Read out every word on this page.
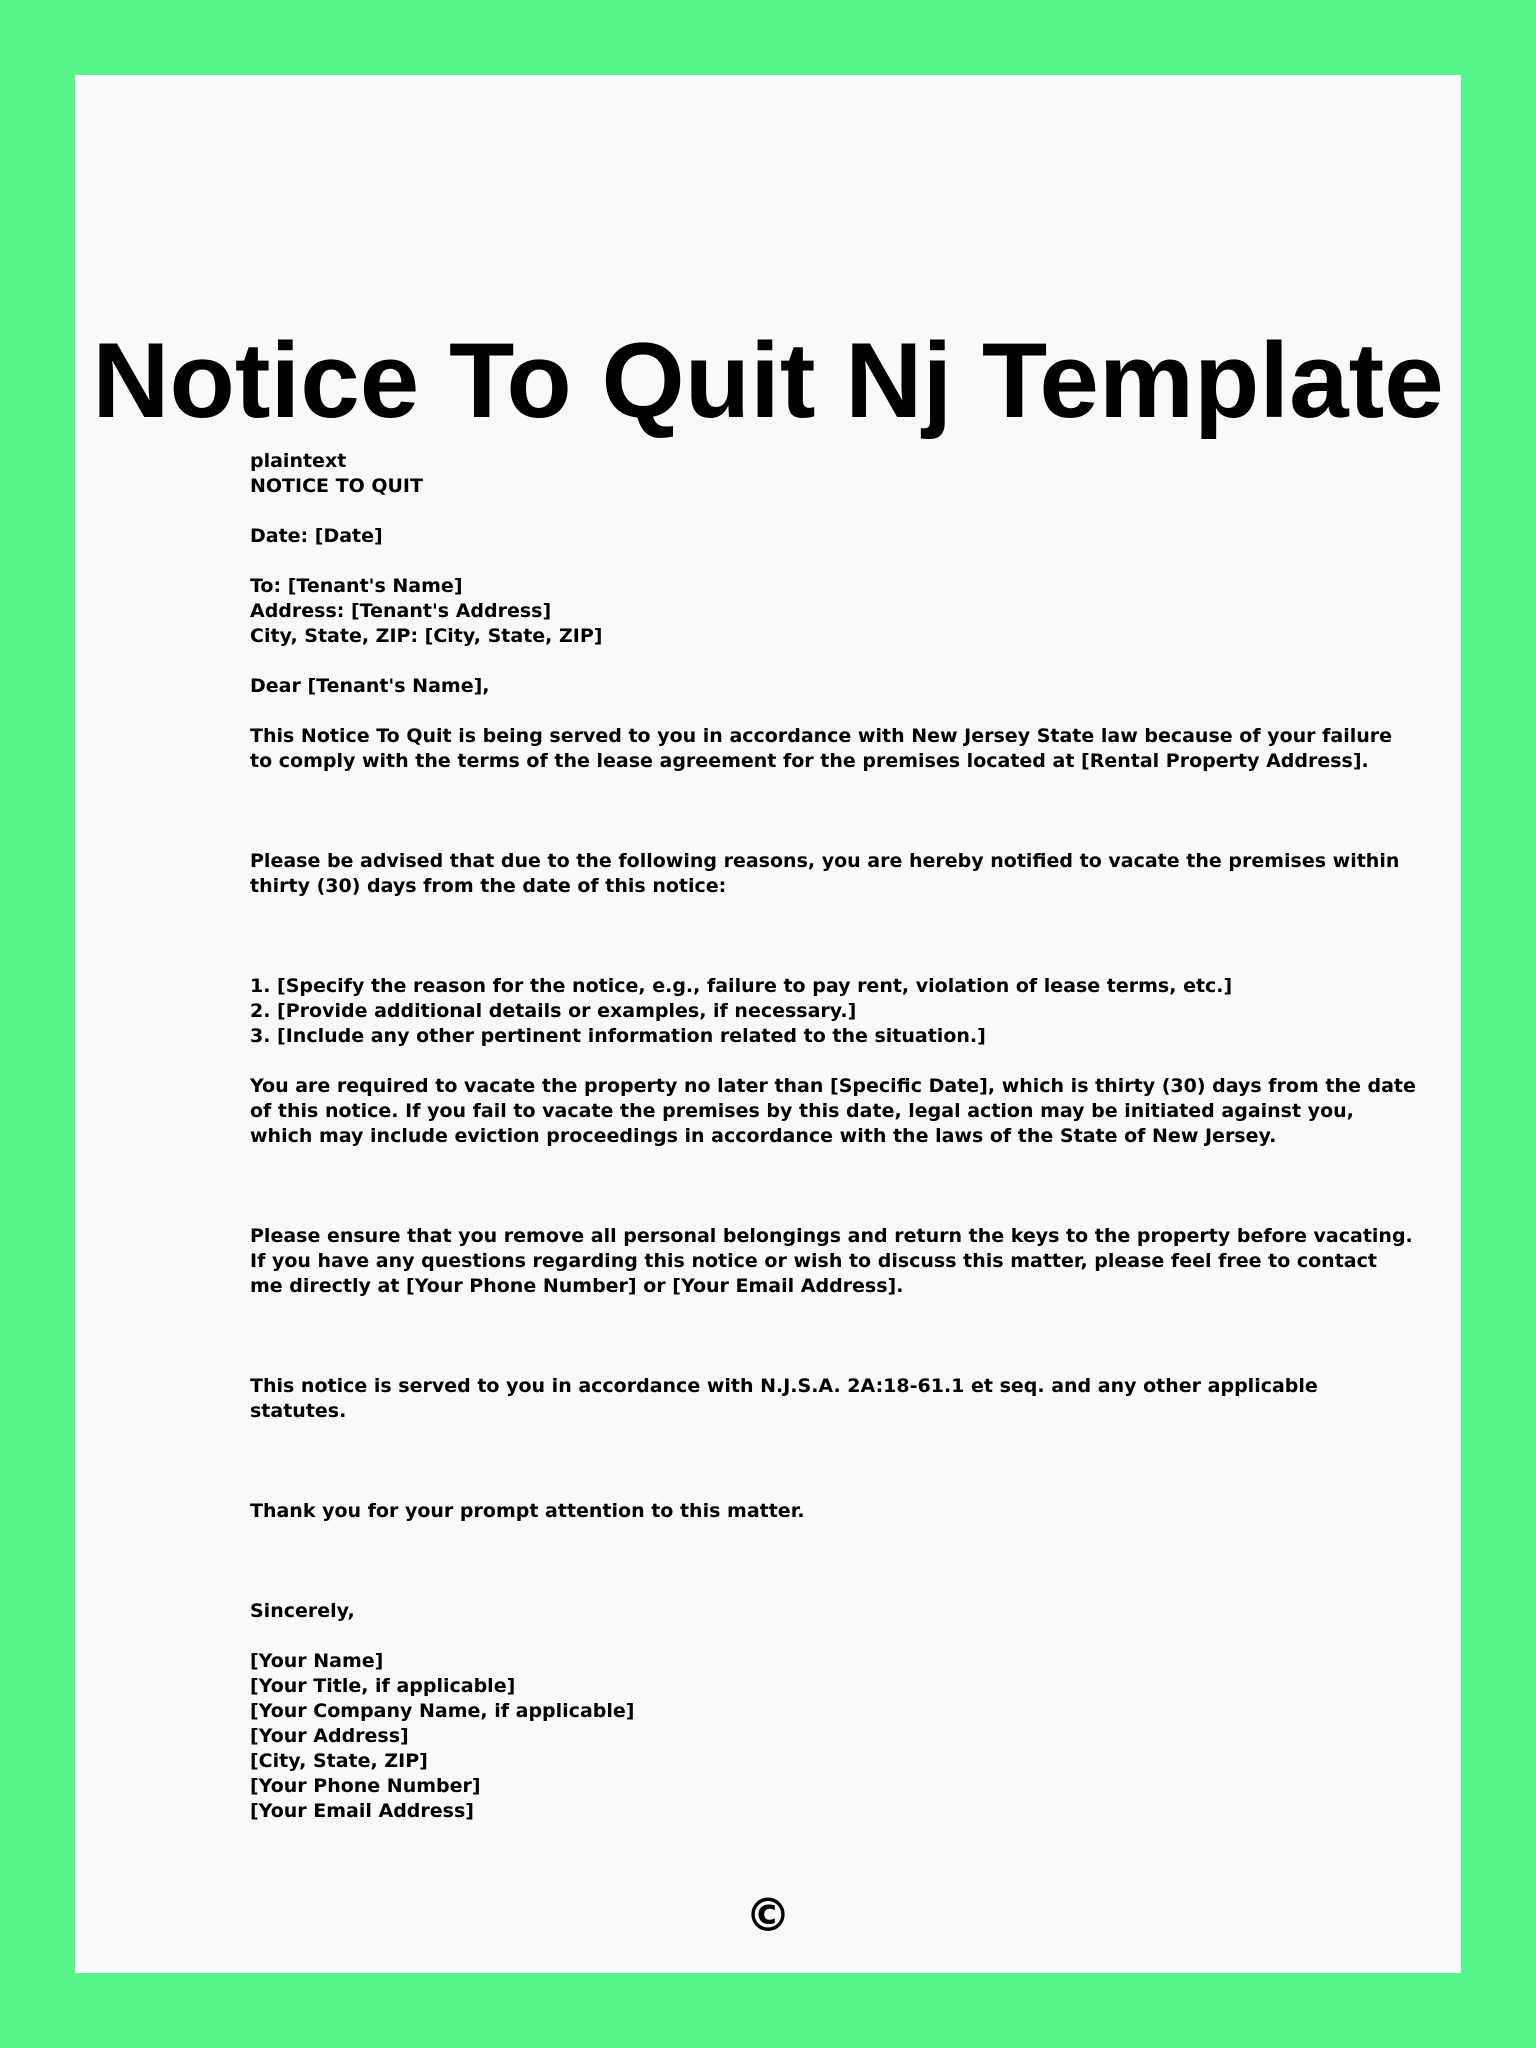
Notice To Quit Nj Template
plaintext
NOTICE TO QUIT
Date: [Date]
To: [Tenant's Name]
Address: [Tenant's Address]
City, State, ZIP: [City, State, ZIP]
Dear [Tenant's Name],
This Notice To Quit is being served to you in accordance with New Jersey State law because of your failure
to comply with the terms of the lease agreement for the premises located at [Rental Property Address].
Please be advised that due to the following reasons, you are hereby notified to vacate the premises within
thirty (30) days from the date of this notice:
1. [Specify the reason for the notice, e.g., failure to pay rent, violation of lease terms, etc.]
2. [Provide additional details or examples, if necessary.]
3. [Include any other pertinent information related to the situation.]
You are required to vacate the property no later than [Specific Date], which is thirty (30) days from the date
of this notice. If you fail to vacate the premises by this date, legal action may be initiated against you,
which may include eviction proceedings in accordance with the laws of the State of New Jersey.
Please ensure that you remove all personal belongings and return the keys to the property before vacating.
If you have any questions regarding this notice or wish to discuss this matter, please feel free to contact
me directly at [Your Phone Number] or [Your Email Address].
This notice is served to you in accordance with N.J.S.A. 2A:18-61.1 et seq. and any other applicable
statutes.
Thank you for your prompt attention to this matter.
Sincerely,
[Your Name]
[Your Title, if applicable]
[Your Company Name, if applicable]
[Your Address]
[City, State, ZIP]
[Your Phone Number]
[Your Email Address]
©
